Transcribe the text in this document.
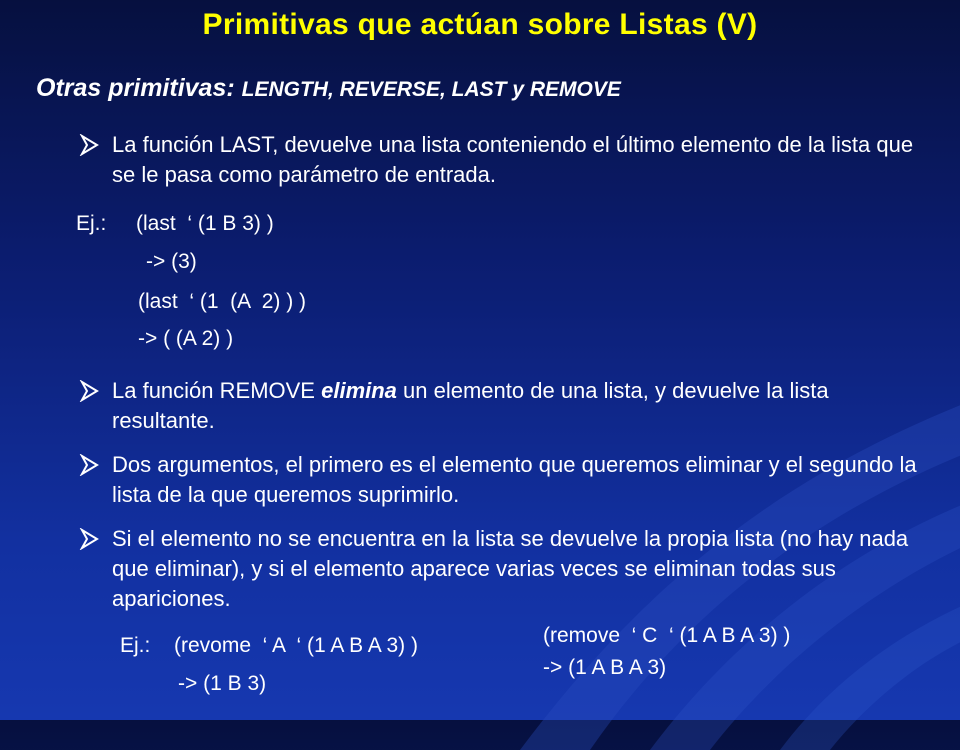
Primitivas que actúan sobre Listas (V)
Otras primitivas: LENGTH, REVERSE, LAST y REMOVE
La función LAST, devuelve una lista conteniendo el último elemento de la lista que se le pasa como parámetro de entrada.
Ej.: (last  ‘ (1 B 3) )
-> (3)
(last  ‘ (1  (A  2) ) )
-> ( (A 2) )
La función REMOVE elimina un elemento de una lista, y devuelve la lista resultante.
Dos argumentos, el primero es el elemento que queremos eliminar y el segundo la lista de la que queremos suprimirlo.
Si el elemento no se encuentra en la lista se devuelve la propia lista (no hay nada que eliminar), y si el elemento aparece varias veces se eliminan todas sus apariciones.
Ej.: (revome  ‘ A  ‘ (1 A B A 3) )
-> (1 B 3)
(remove  ‘ C  ‘ (1 A B A 3) )
-> (1 A B A 3)
